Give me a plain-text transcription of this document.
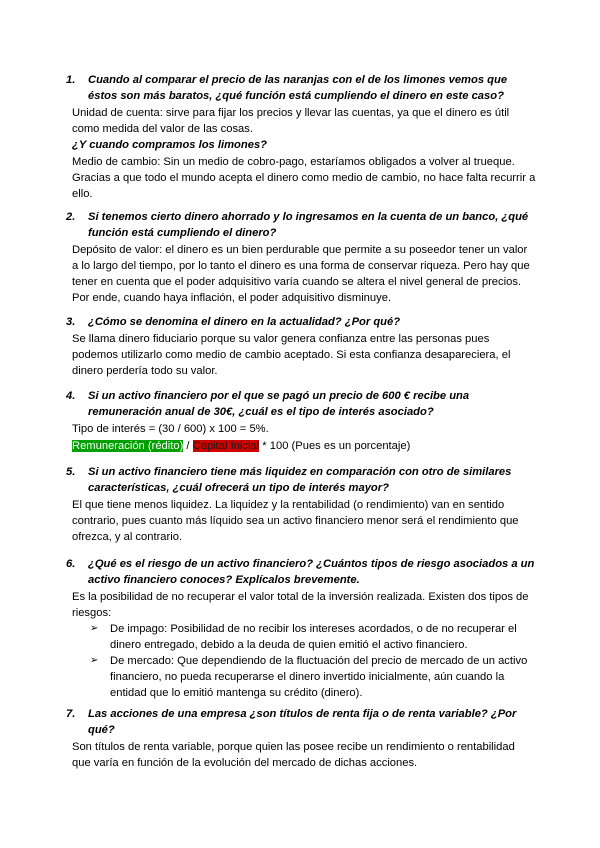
1.	Cuando al comparar el precio de las naranjas con el de los limones vemos que éstos son más baratos, ¿qué función está cumpliendo el dinero en este caso?
Unidad de cuenta: sirve para fijar los precios y llevar las cuentas, ya que el dinero es útil como medida del valor de las cosas.
¿Y cuando compramos los limones?
Medio de cambio: Sin un medio de cobro-pago, estaríamos obligados a volver al trueque. Gracias a que todo el mundo acepta el dinero como medio de cambio, no hace falta recurrir a ello.
2.	Si tenemos cierto dinero ahorrado y lo ingresamos en la cuenta de un banco, ¿qué función está cumpliendo el dinero?
Depósito de valor: el dinero es un bien perdurable que permite a su poseedor tener un valor a lo largo del tiempo, por lo tanto el dinero es una forma de conservar riqueza. Pero hay que tener en cuenta que el poder adquisitivo varía cuando se altera el nivel general de precios. Por ende, cuando haya inflación, el poder adquisitivo disminuye.
3.	¿Cómo se denomina el dinero en la actualidad? ¿Por qué?
Se llama dinero fiduciario porque su valor genera confianza entre las personas pues podemos utilizarlo como medio de cambio aceptado. Si esta confianza desapareciera, el dinero perdería todo su valor.
4.	Si un activo financiero por el que se pagó un precio de 600 € recibe una remuneración anual de 30€, ¿cuál es el tipo de interés asociado?
Tipo de interés = (30 / 600) x 100 = 5%.
Remuneración (rédito) / Capital Inicial * 100 (Pues es un porcentaje)
5.	Si un activo financiero tiene más liquidez en comparación con otro de similares características, ¿cuál ofrecerá un tipo de interés mayor?
El que tiene menos liquidez. La liquidez y la rentabilidad (o rendimiento) van en sentido contrario, pues cuanto más líquido sea un activo financiero menor será el rendimiento que ofrezca, y al contrario.
6.	¿Qué es el riesgo de un activo financiero? ¿Cuántos tipos de riesgo asociados a un activo financiero conoces? Explícalos brevemente.
Es la posibilidad de no recuperar el valor total de la inversión realizada. Existen dos tipos de riesgos:
➢	De impago: Posibilidad de no recibir los intereses acordados, o de no recuperar el dinero entregado, debido a la deuda de quien emitió el activo financiero.
➢	De mercado: Que dependiendo de la fluctuación del precio de mercado de un activo financiero, no pueda recuperarse el dinero invertido inicialmente, aún cuando la entidad que lo emitió mantenga su crédito (dinero).
7.	Las acciones de una empresa ¿son títulos de renta fija o de renta variable? ¿Por qué?
Son títulos de renta variable, porque quien las posee recibe un rendimiento o rentabilidad que varía en función de la evolución del mercado de dichas acciones.
